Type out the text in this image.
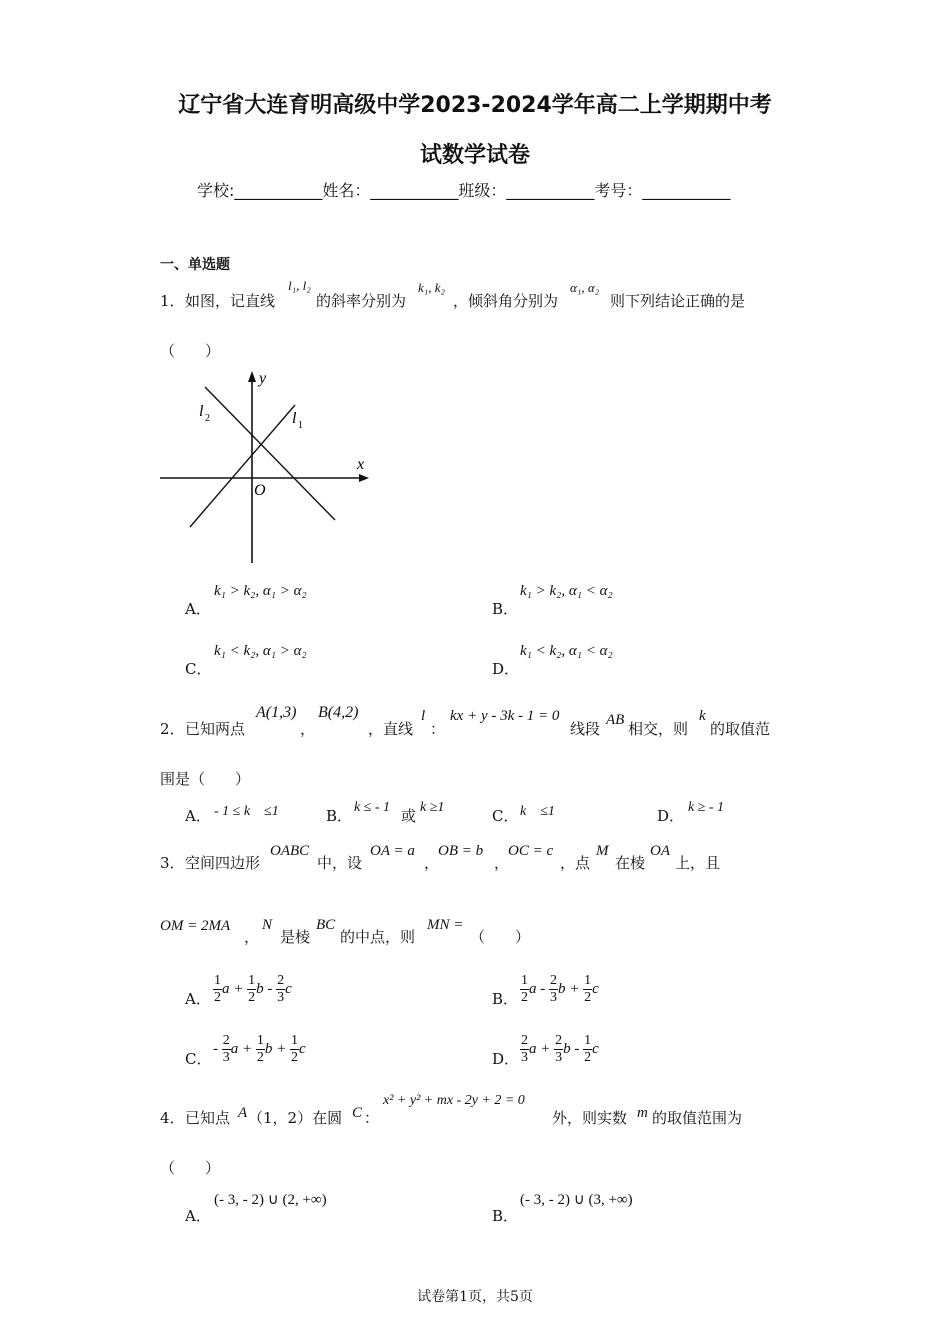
辽宁省大连育明高级中学2023-2024学年高二上学期期中考
试数学试卷
学校:___________姓名：___________班级：___________考号：___________
一、单选题
1． 如图，记直线
l₁, l₂
的斜率分别为
k₁, k₂
，倾斜角分别为
α₁, α₂
则下列结论正确的是
（　　）
y
x
O
l 2	l 1
A．
k₁ > k₂, α₁ > α₂
B．
k₁ > k₂, α₁ < α₂
C．
k₁ < k₂, α₁ > α₂
D．
k₁ < k₂, α₁ < α₂
2． 已知两点
A(1,3)
，
B(4,2)
，直线
l
：
kx + y - 3k - 1 = 0
线段 AB 相交，则
k
的取值范
围是（　　）
A． - 1 ≤ k　≤1	B． k ≤ - 1 或 k ≥1	C． k　≤1	D． k ≥ - 1
3． 空间四边形
OABC
中，设
OA = a
，
OB = b
，
OC = c
，点
M
在棱
OA
上，且
OM = 2MA
，
N
是棱
BC
的中点，则
MN =
（　　）
A． $\frac{1}{2}$ $a + \frac{1}{2}$ b - $\frac{2}{3}$ c
B． $\frac{1}{2}$ a - $\frac{2}{3}$ $b + \frac{1}{2}$ c
C．
- $\frac{2}{3}$ $a + \frac{1}{2}$ $b + \frac{1}{2}$ c
D． $\frac{2}{3}$ $a + \frac{2}{3}$ b - $\frac{1}{2}$ c
4． 已知点 A （1，2）在圆 C ：
x² + y² + mx - 2y + 2 = 0
外，则实数 m 的取值范围为
（　　）
A．
(- 3, - 2) ∪ (2, +∞)
B．
(- 3, - 2) ∪ (3, +∞)
试卷第1页，共5页
